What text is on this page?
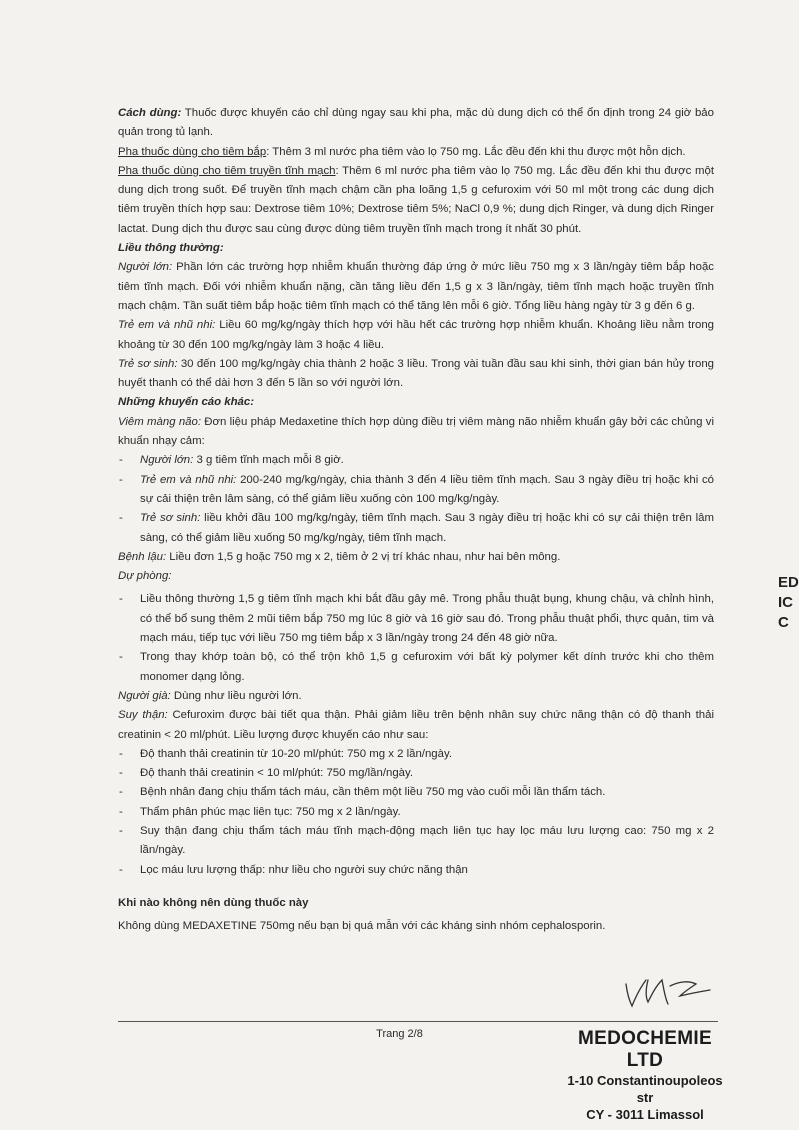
Cách dùng: Thuốc được khuyến cáo chỉ dùng ngay sau khi pha, mặc dù dung dịch có thể ổn định trong 24 giờ bảo quản trong tủ lạnh.

Pha thuốc dùng cho tiêm bắp: Thêm 3 ml nước pha tiêm vào lọ 750 mg. Lắc đều đến khi thu được một hỗn dịch.

Pha thuốc dùng cho tiêm truyền tĩnh mạch: Thêm 6 ml nước pha tiêm vào lọ 750 mg. Lắc đều đến khi thu được một dung dịch trong suốt. Để truyền tĩnh mạch chậm cần pha loãng 1,5 g cefuroxim với 50 ml một trong các dung dịch tiêm truyền thích hợp sau: Dextrose tiêm 10%; Dextrose tiêm 5%; NaCl 0,9 %; dung dịch Ringer, và dung dịch Ringer lactat. Dung dịch thu được sau cùng được dùng tiêm truyền tĩnh mạch trong ít nhất 30 phút.

Liều thông thường:

Người lớn: Phần lớn các trường hợp nhiễm khuẩn thường đáp ứng ở mức liều 750 mg x 3 lần/ngày tiêm bắp hoặc tiêm tĩnh mạch. Đối với nhiễm khuẩn nặng, cần tăng liều đến 1,5 g x 3 lần/ngày, tiêm tĩnh mạch hoặc truyền tĩnh mạch chậm. Tần suất tiêm bắp hoặc tiêm tĩnh mạch có thể tăng lên mỗi 6 giờ. Tổng liều hàng ngày từ 3 g đến 6 g.

Trẻ em và nhũ nhi: Liều 60 mg/kg/ngày thích hợp với hầu hết các trường hợp nhiễm khuẩn. Khoảng liều nằm trong khoảng từ 30 đến 100 mg/kg/ngày làm 3 hoặc 4 liều.

Trẻ sơ sinh: 30 đến 100 mg/kg/ngày chia thành 2 hoặc 3 liều. Trong vài tuần đầu sau khi sinh, thời gian bán hủy trong huyết thanh có thể dài hơn 3 đến 5 lần so với người lớn.

Những khuyến cáo khác:

Viêm màng não: Đơn liệu pháp Medaxetine thích hợp dùng điều trị viêm màng não nhiễm khuẩn gây bởi các chủng vi khuẩn nhạy cảm:

- Người lớn: 3 g tiêm tĩnh mạch mỗi 8 giờ.

- Trẻ em và nhũ nhi: 200-240 mg/kg/ngày, chia thành 3 đến 4 liều tiêm tĩnh mạch. Sau 3 ngày điều trị hoặc khi có sự cải thiện trên lâm sàng, có thể giảm liều xuống còn 100 mg/kg/ngày.

- Trẻ sơ sinh: liều khởi đầu 100 mg/kg/ngày, tiêm tĩnh mạch. Sau 3 ngày điều trị hoặc khi có sự cải thiện trên lâm sàng, có thể giảm liều xuống 50 mg/kg/ngày, tiêm tĩnh mạch.

Bệnh lậu: Liều đơn 1,5 g hoặc 750 mg x 2, tiêm ở 2 vị trí khác nhau, như hai bên mông.

Dự phòng:

- Liều thông thường 1,5 g tiêm tĩnh mạch khi bắt đầu gây mê. Trong phẫu thuật bụng, khung chậu, và chỉnh hình, có thể bổ sung thêm 2 mũi tiêm bắp 750 mg lúc 8 giờ và 16 giờ sau đó. Trong phẫu thuật phổi, thực quản, tim và mạch máu, tiếp tục với liều 750 mg tiêm bắp x 3 lần/ngày trong 24 đến 48 giờ nữa.

- Trong thay khớp toàn bộ, có thể trộn khô 1,5 g cefuroxim với bất kỳ polymer kết dính trước khi cho thêm monomer dạng lỏng.

Người già: Dùng như liều người lớn.

Suy thận: Cefuroxim được bài tiết qua thận. Phải giảm liều trên bệnh nhân suy chức năng thận có độ thanh thải creatinin < 20 ml/phút. Liều lượng được khuyến cáo như sau:

- Độ thanh thải creatinin từ 10-20 ml/phút: 750 mg x 2 lần/ngày.

- Độ thanh thải creatinin < 10 ml/phút: 750 mg/lần/ngày.

- Bệnh nhân đang chịu thẩm tách máu, cần thêm một liều 750 mg vào cuối mỗi lần thẩm tách.

- Thẩm phân phúc mạc liên tục: 750 mg x 2 lần/ngày.

- Suy thận đang chịu thẩm tách máu tĩnh mạch-động mạch liên tục hay lọc máu lưu lượng cao: 750 mg x 2 lần/ngày.

- Lọc máu lưu lượng thấp: như liều cho người suy chức năng thận

Khi nào không nên dùng thuốc này

Không dùng MEDAXETINE 750mg nếu bạn bị quá mẫn với các kháng sinh nhóm cephalosporin.

Trang 2/8	MEDOCHEMIE LTD
1-10 Constantinoupoleos str
CY - 3011 Limassol
ED
IC
C
